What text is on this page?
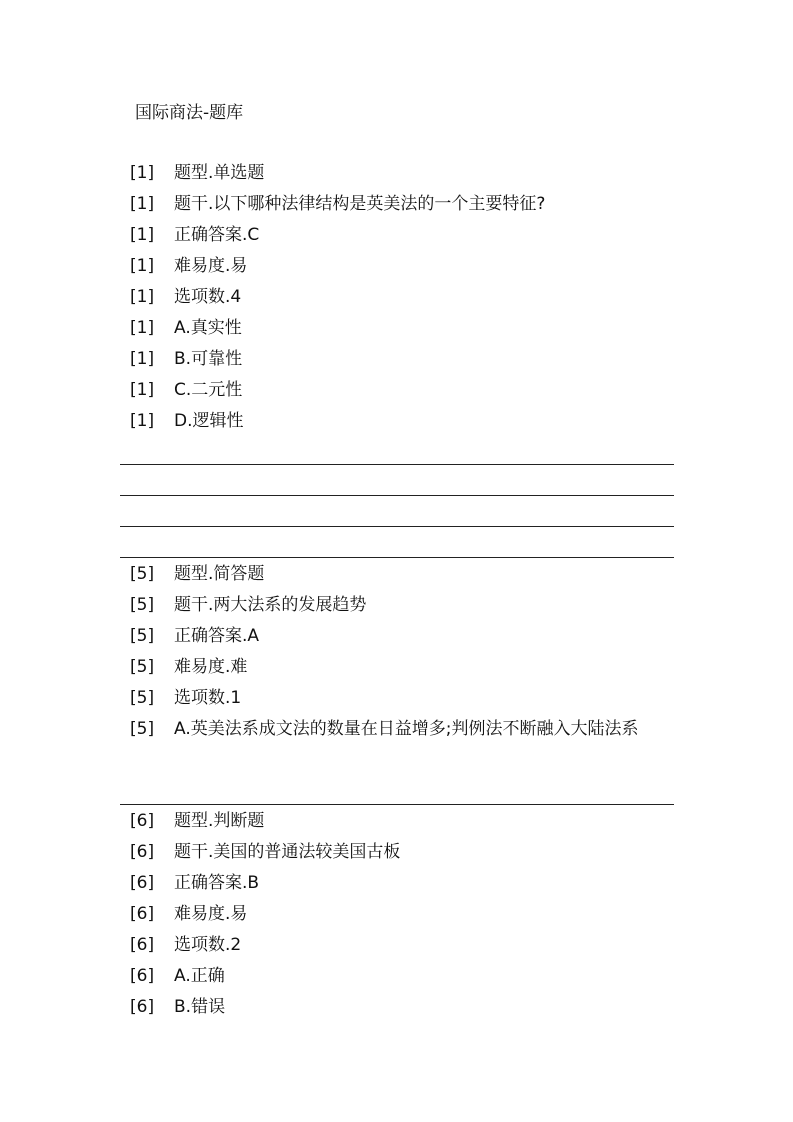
国际商法-题库
[1] 题型.单选题
[1] 题干.以下哪种法律结构是英美法的一个主要特征?
[1] 正确答案.C
[1] 难易度.易
[1] 选项数.4
[1] A.真实性
[1] B.可靠性
[1] C.二元性
[1] D.逻辑性
[5] 题型.简答题
[5] 题干.两大法系的发展趋势
[5] 正确答案.A
[5] 难易度.难
[5] 选项数.1
[5]	A.英美法系成文法的数量在日益增多;判例法不断融入大陆法系
[6] 题型.判断题
[6] 题干.美国的普通法较美国古板
[6] 正确答案.B
[6] 难易度.易
[6] 选项数.2
[6] A.正确
[6] B.错误
